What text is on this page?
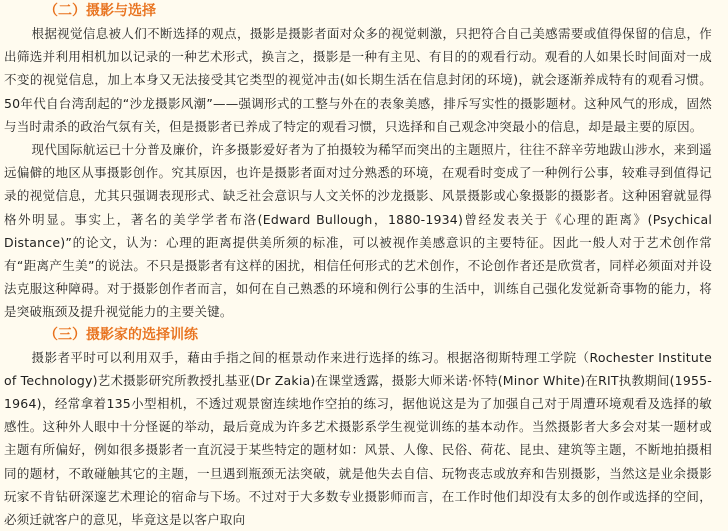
（二）摄影与选择

根据视觉信息被人们不断选择的观点，摄影是摄影者面对众多的视觉刺激，只把符合自己美感需要或值得保留的信息，作出筛选并利用相机加以记录的一种艺术形式，换言之，摄影是一种有主见、有目的的观看行动。观看的人如果长时间面对一成不变的视觉信息，加上本身又无法接受其它类型的视觉冲击(如长期生活在信息封闭的环境)，就会逐渐养成特有的观看习惯。50年代自台湾刮起的“沙龙摄影风潮”——强调形式的工整与外在的表象美感，排斥写实性的摄影题材。这种风气的形成，固然与当时肃杀的政治气氛有关，但是摄影者已养成了特定的观看习惯，只选择和自己观念冲突最小的信息，却是最主要的原因。

现代国际航运已十分普及廉价，许多摄影爱好者为了拍摄较为稀罕而突出的主题照片，往往不辞辛劳地跋山涉水，来到遥远偏僻的地区从事摄影创作。究其原因，也许是摄影者面对过分熟悉的环境，在观看时变成了一种例行公事，较难寻到值得记录的视觉信息，尤其只强调表现形式、缺乏社会意识与人文关怀的沙龙摄影、风景摄影或心象摄影的摄影者。这种困窘就显得格外明显。事实上，著名的美学学者布洛(Edward Bullough，1880-1934)曾经发表关于《心理的距离》(Psychical Distance)”的论文，认为：心理的距离提供美所须的标准，可以被视作美感意识的主要特征。因此一般人对于艺术创作常有“距离产生美”的说法。不只是摄影者有这样的困扰，相信任何形式的艺术创作，不论创作者还是欣赏者，同样必须面对并设法克服这种障碍。对于摄影创作者而言，如何在自己熟悉的环境和例行公事的生活中，训练自己强化发觉新奇事物的能力，将是突破瓶颈及提升视觉能力的主要关键。

（三）摄影家的选择训练

摄影者平时可以利用双手，藉由手指之间的框景动作来进行选择的练习。根据洛彻斯特理工学院（Rochester Institute of Technology)艺术摄影研究所教授扎基亚(Dr Zakia)在课堂透露，摄影大师米诺·怀特(Minor White)在RIT执教期间(1955-1964)，经常拿着135小型相机，不透过观景窗连续地作空拍的练习，据他说这是为了加强自己对于周遭环境观看及选择的敏感性。这种外人眼中十分怪诞的举动，最后竟成为许多艺术摄影系学生视觉训练的基本动作。当然摄影者大多会对某一题材或主题有所偏好，例如很多摄影者一直沉浸于某些特定的题材如：风景、人像、民俗、荷花、昆虫、建筑等主题，不断地拍摄相同的题材，不敢碰触其它的主题，一旦遇到瓶颈无法突破，就是他失去自信、玩物丧志或放弃和告别摄影，当然这是业余摄影玩家不肯钻研深邃艺术理论的宿命与下场。不过对于大多数专业摄影师而言，在工作时他们却没有太多的创作或选择的空间，必须迁就客户的意见，毕竟这是以客户取向
